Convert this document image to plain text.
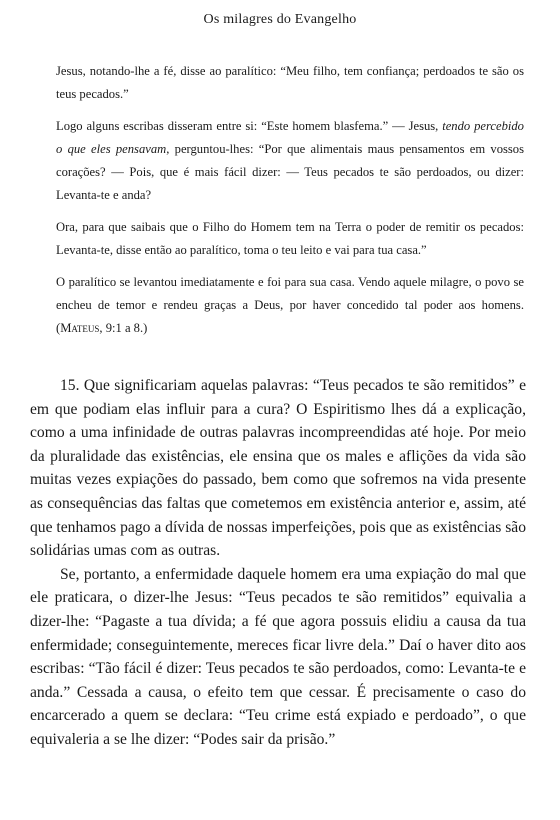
Os milagres do Evangelho

Jesus, notando-lhe a fé, disse ao paralítico: “Meu filho, tem confiança; perdoados te são os teus pecados.”

Logo alguns escribas disseram entre si: “Este homem blasfema.” — Jesus, tendo percebido o que eles pensavam, perguntou-lhes: “Por que alimentais maus pensamentos em vossos corações? — Pois, que é mais fácil dizer: — Teus pecados te são perdoados, ou dizer: Levanta-te e anda?

Ora, para que saibais que o Filho do Homem tem na Terra o poder de remitir os pecados: Levanta-te, disse então ao paralítico, toma o teu leito e vai para tua casa.”

O paralítico se levantou imediatamente e foi para sua casa. Vendo aquele milagre, o povo se encheu de temor e rendeu graças a Deus, por haver concedido tal poder aos homens. (Mateus, 9:1 a 8.)

15. Que significariam aquelas palavras: “Teus pecados te são remitidos” e em que podiam elas influir para a cura? O Espiritismo lhes dá a explicação, como a uma infinidade de outras palavras incompreendidas até hoje. Por meio da pluralidade das existências, ele ensina que os males e aflições da vida são muitas vezes expiações do passado, bem como que sofremos na vida presente as consequências das faltas que cometemos em existência anterior e, assim, até que tenhamos pago a dívida de nossas imperfeições, pois que as existências são solidárias umas com as outras.

Se, portanto, a enfermidade daquele homem era uma expiação do mal que ele praticara, o dizer-lhe Jesus: “Teus pecados te são remitidos” equivalia a dizer-lhe: “Pagaste a tua dívida; a fé que agora possuis elidiu a causa da tua enfermidade; conseguintemente, mereces ficar livre dela.” Daí o haver dito aos escribas: “Tão fácil é dizer: Teus pecados te são perdoados, como: Levanta-te e anda.” Cessada a causa, o efeito tem que cessar. É precisamente o caso do encarcerado a quem se declara: “Teu crime está expiado e perdoado”, o que equivaleria a se lhe dizer: “Podes sair da prisão.”
